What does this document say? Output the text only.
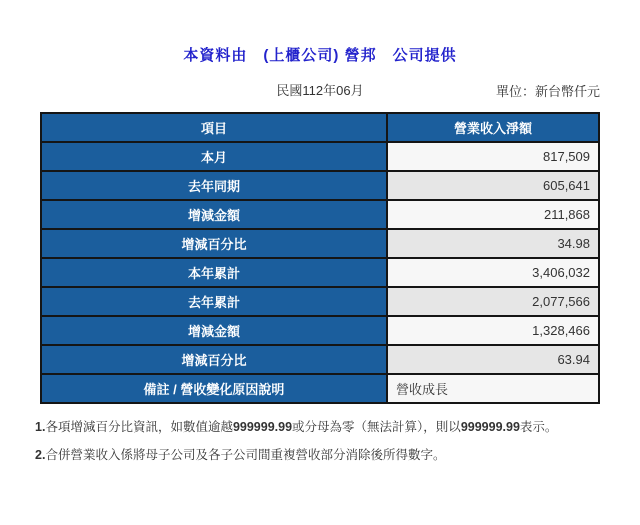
本資料由　(上櫃公司) 營邦　公司提供
民國112年06月	單位：新台幣仟元
項目	營業收入淨額
本月	817,509
去年同期	605,641
增減金額	211,868
增減百分比	34.98
本年累計	3,406,032
去年累計	2,077,566
增減金額	1,328,466
增減百分比	63.94
備註 / 營收變化原因說明	營收成長

1.各項增減百分比資訊，如數值逾越999999.99或分母為零（無法計算），則以999999.99表示。

2.合併營業收入係將母子公司及各子公司間重複營收部分消除後所得數字。
